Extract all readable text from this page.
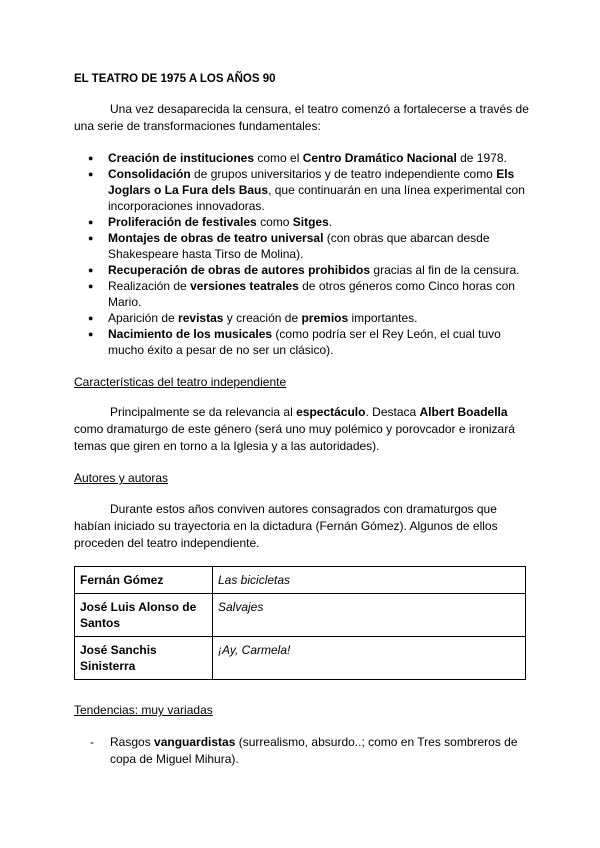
EL TEATRO DE 1975 A LOS AÑOS 90
Una vez desaparecida la censura, el teatro comenzó a fortalecerse a través de una serie de transformaciones fundamentales:
● Creación de instituciones como el Centro Dramático Nacional de 1978.
● Consolidación de grupos universitarios y de teatro independiente como Els Joglars o La Fura dels Baus, que continuarán en una línea experimental con incorporaciones innovadoras.
● Proliferación de festivales como Sitges.
● Montajes de obras de teatro universal (con obras que abarcan desde Shakespeare hasta Tirso de Molina).
● Recuperación de obras de autores prohibidos gracias al fin de la censura.
● Realización de versiones teatrales de otros géneros como Cinco horas con Mario.
● Aparición de revistas y creación de premios importantes.
● Nacimiento de los musicales (como podría ser el Rey León, el cual tuvo mucho éxito a pesar de no ser un clásico).
Características del teatro independiente
Principalmente se da relevancia al espectáculo. Destaca Albert Boadella como dramaturgo de este género (será uno muy polémico y porovcador e ironizará temas que giren en torno a la Iglesia y a las autoridades).
Autores y autoras
Durante estos años conviven autores consagrados con dramaturgos que habían iniciado su trayectoria en la dictadura (Fernán Gómez). Algunos de ellos proceden del teatro independiente.
Fernán Gómez	Las bicicletas
José Luis Alonso de Santos	Salvajes
José Sanchis Sinisterra	¡Ay, Carmela!
Tendencias: muy variadas
- Rasgos vanguardistas (surrealismo, absurdo..; como en Tres sombreros de copa de Miguel Mihura).
